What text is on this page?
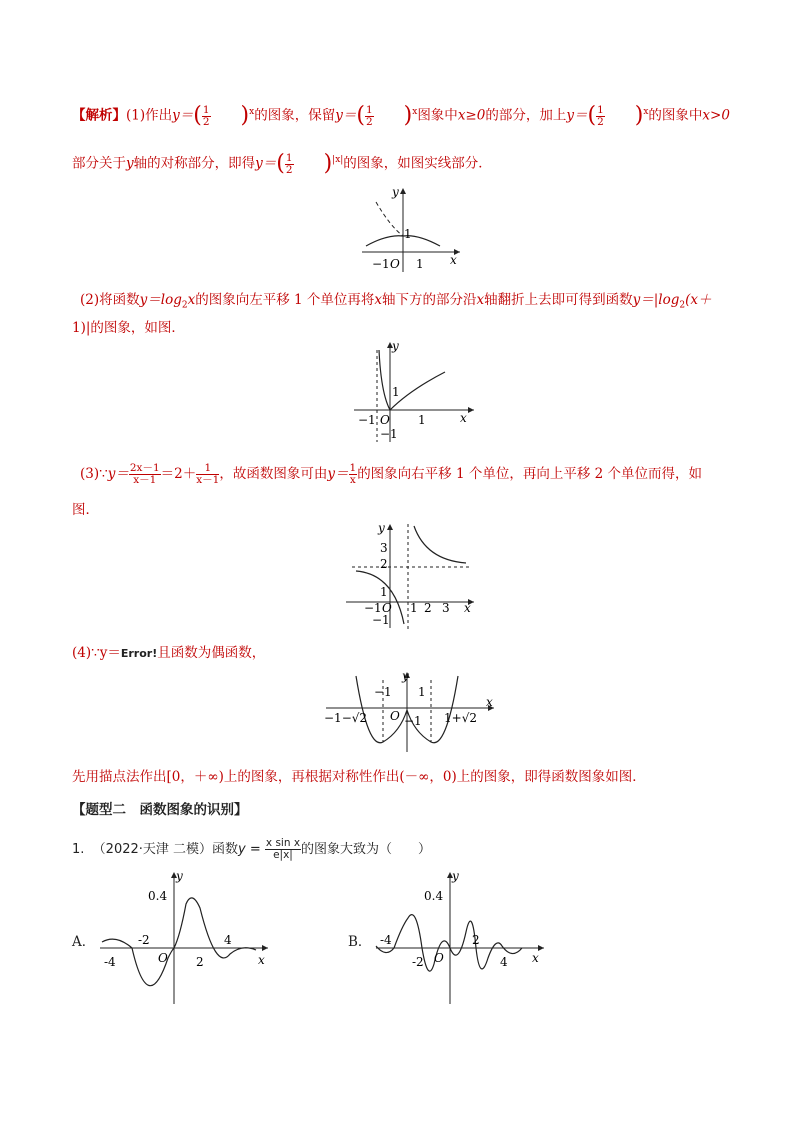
【解析】(1)作出$y=( \frac{1}{2} )^x$的图象，保留$y=( \frac{1}{2} )^x$图象中x≥0的部分，加上$y=( \frac{1}{2} )^x$的图象中x>0
部分关于y轴的对称部分，即得$y=( \frac{1}{2} )^{|x|}$的图象，如图实线部分．
y
x
1
−1 O 1
(2)将函数$y=\log_2x$的图象向左平移 1 个单位再将x轴下方的部分沿x轴翻折上去即可得到函数$y=|\log_2(x+$
1)|的图象，如图．
y
x
1
−1 O 1
−1
(3)∵y＝ $\frac{2x-1}{x-1} =2+ \frac{1}{x-1}$ ，故函数图象可由$y= \frac{1}{x}$ 的图象向右平移 1 个单位，再向上平移 2 个单位而得，如
图．
y
x
3
2
1
−1 O 1 2 3
−1
(4)∵y＝Error!且函数为偶函数，
y
x
−1 1
O
−1−√2	1+√2
−1
先用描点法作出[0，＋∞)上的图象，再根据对称性作出(－∞，0)上的图象，即得函数图象如图．
【题型二　函数图象的识别】
1. （2022·天津 二模）函数$y = \frac{\text{x sin x}}{e|x|}$ 的图象大致为（　　）
A．
y
x
0.4
-2
-4	O 2
4	B．
y
x
0.4
-4
-2 O
2
4
